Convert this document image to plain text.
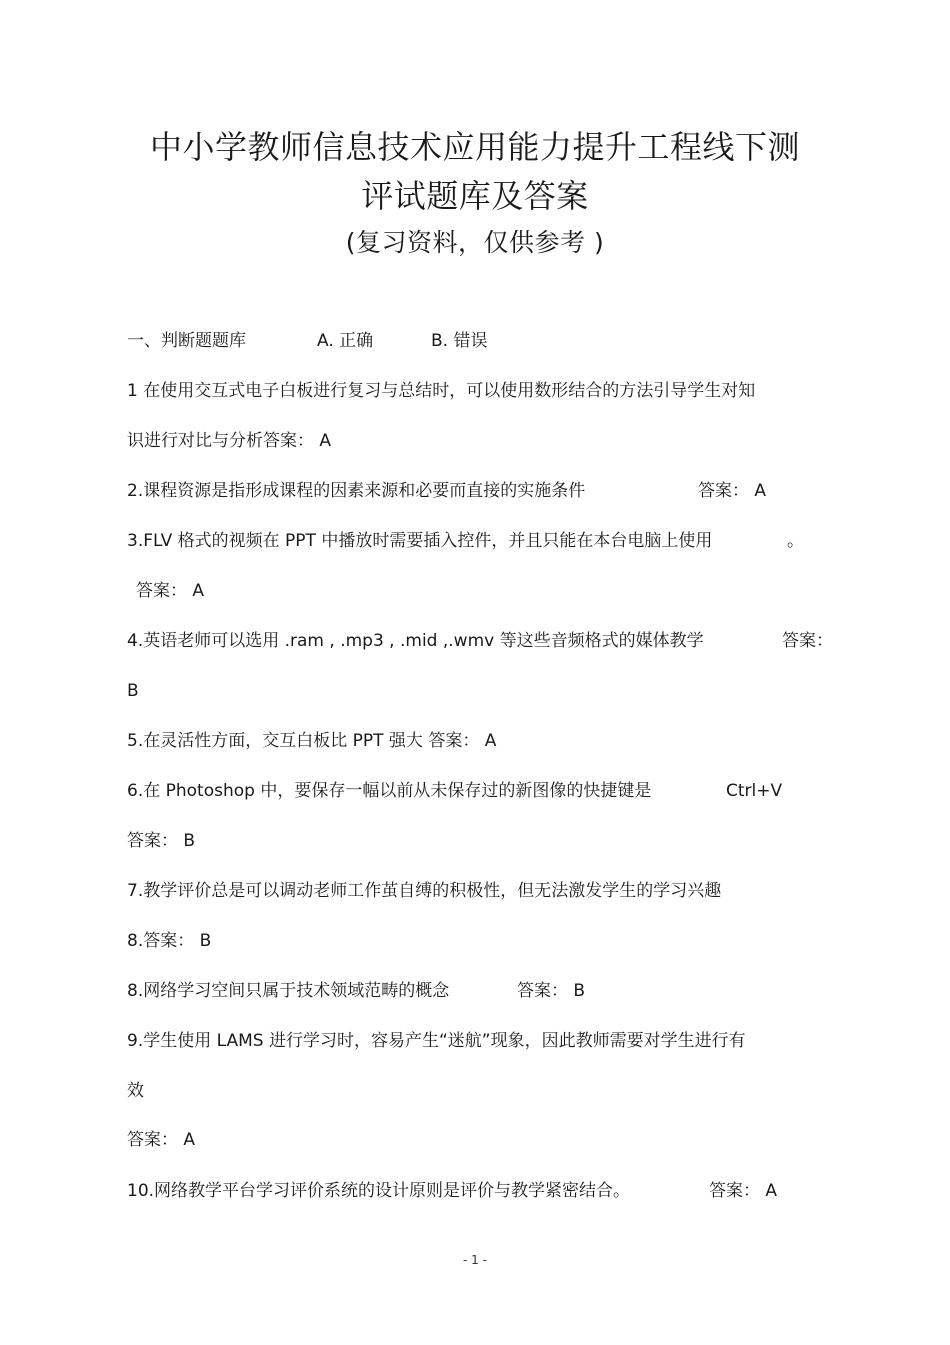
中小学教师信息技术应用能力提升工程线下测
评试题库及答案
(复习资料，仅供参考 )
一、判断题题库	A. 正确	B. 错误
1 在使用交互式电子白板进行复习与总结时，可以使用数形结合的方法引导学生对知
识进行对比与分析答案： A
2.课程资源是指形成课程的因素来源和必要而直接的实施条件	答案： A
3.FLV 格式的视频在 PPT 中播放时需要插入控件，并且只能在本台电脑上使用	。
答案： A
4.英语老师可以选用 .ram , .mp3 , .mid ,.wmv 等这些音频格式的媒体教学	答案：
B
5.在灵活性方面，交互白板比 PPT 强大 答案： A
6.在 Photoshop 中，要保存一幅以前从未保存过的新图像的快捷键是	Ctrl+V
答案： B
7.教学评价总是可以调动老师工作茧自缚的积极性，但无法激发学生的学习兴趣
8.答案： B
8.网络学习空间只属于技术领域范畴的概念	答案： B
9.学生使用 LAMS 进行学习时，容易产生“迷航”现象，因此教师需要对学生进行有
效
答案： A
10.网络教学平台学习评价系统的设计原则是评价与教学紧密结合。	答案： A
- 1 -
